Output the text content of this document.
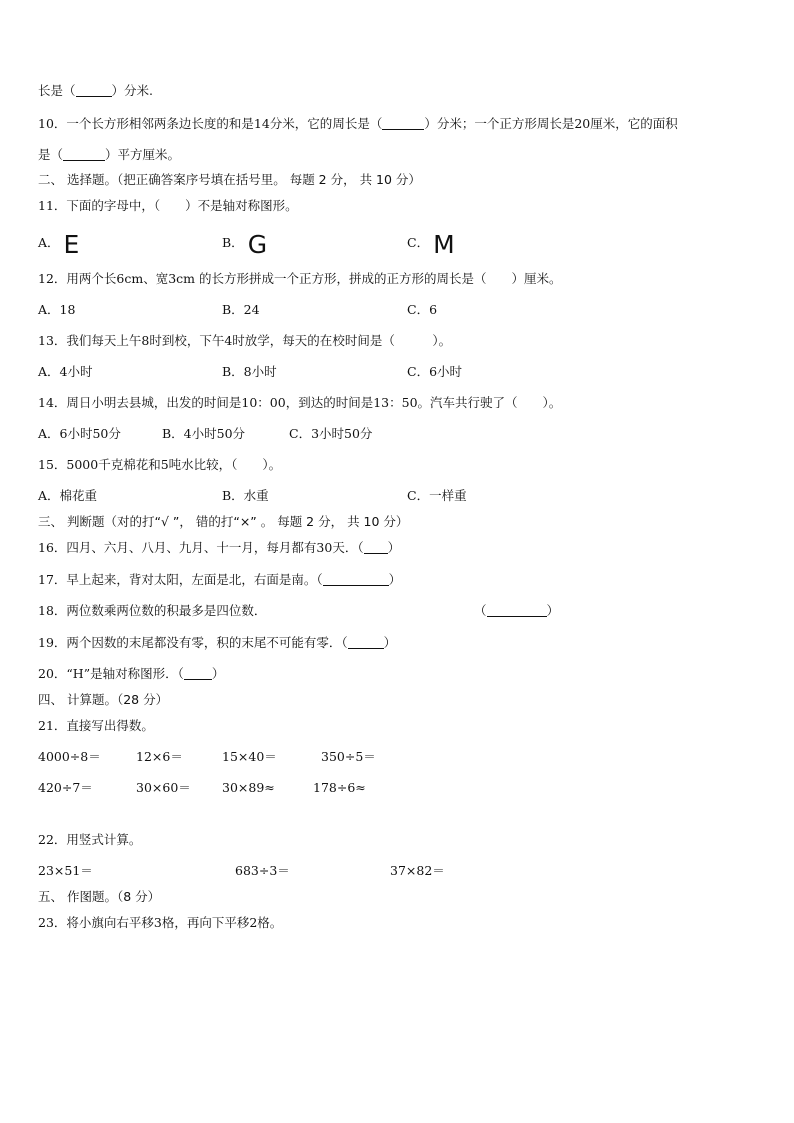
长是（	）分米.
10．一个长方形相邻两条边长度的和是14分米，它的周长是（	）分米；一个正方形周长是20厘米，它的面积
是（	）平方厘米。
二、 选择题。（把正确答案序号填在括号里。 每题 2 分， 共 10 分）
11．下面的字母中，（　　）不是轴对称图形。
A． E	B． G	C． M
12．用两个长6cm、宽3cm 的长方形拼成一个正方形，拼成的正方形的周长是（　　）厘米。
A．18	B．24	C．6
13．我们每天上午8时到校，下午4时放学，每天的在校时间是（　　　）。
A．4小时	B．8小时	C．6小时
14．周日小明去县城，出发的时间是10：00，到达的时间是13：50。汽车共行驶了（　　）。
A．6小时50分	B．4小时50分	C．3小时50分
15．5000千克棉花和5吨水比较，（　　）。
A．棉花重	B．水重	C．一样重
三、 判断题（对的打“√ ”， 错的打“×” 。 每题 2 分， 共 10 分）
16．四月、六月、八月、九月、十一月，每月都有30天．（ ）
17．早上起来，背对太阳，左面是北，右面是南。（	）
18．两位数乘两位数的积最多是四位数．	（	）
19．两个因数的末尾都没有零，积的末尾不可能有零．（	）
20．“H”是轴对称图形．（ ）
四、 计算题。（28 分）
21．直接写出得数。
4000÷8＝	12×6＝	15×40＝	350÷5＝
420÷7＝	30×60＝ 30×89≈	178÷6≈
22．用竖式计算。
23×51＝	683÷3＝	37×82＝
五、 作图题。（8 分）
23．将小旗向右平移3格，再向下平移2格。
